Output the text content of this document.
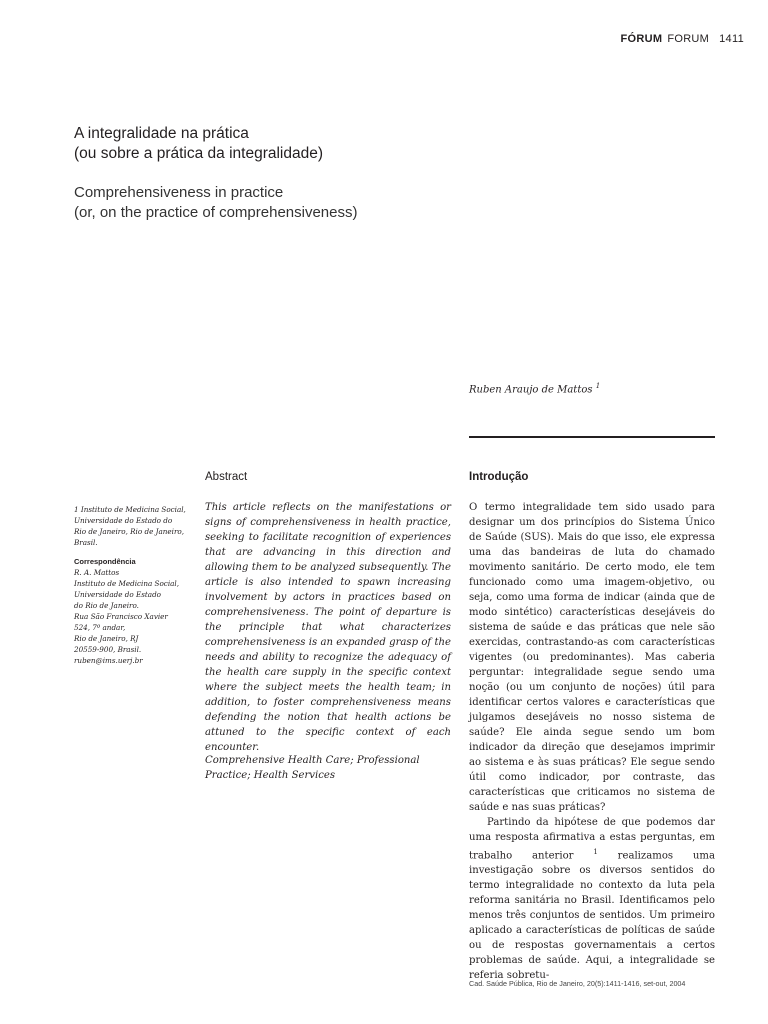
FÓRUM FORUM 1411
A integralidade na prática
(ou sobre a prática da integralidade)
Comprehensiveness in practice
(or, on the practice of comprehensiveness)
Ruben Araujo de Mattos $^1$
Abstract	Introdução

1 Instituto de Medicina Social, Universidade do Estado do Rio de Janeiro, Rio de Janeiro, Brasil.

Correspondência

R. A. Mattos

Instituto de Medicina Social,

Universidade do Estado

do Rio de Janeiro.

Rua São Francisco Xavier

524, 7º andar,

Rio de Janeiro, RJ

20559-900, Brasil.

ruben@ims.uerj.br

This article reflects on the manifestations or signs of comprehensiveness in health practice, seeking to facilitate recognition of experiences that are advancing in this direction and allowing them to be analyzed subsequently. The article is also intended to spawn increasing involvement by actors in practices based on comprehensiveness. The point of departure is the principle that what characterizes comprehensiveness is an expanded grasp of the needs and ability to recognize the adequacy of the health care supply in the specific context where the subject meets the health team; in addition, to foster comprehensiveness means defending the notion that health actions be attuned to the specific context of each encounter.

Comprehensive Health Care; Professional Practice; Health Services

O termo integralidade tem sido usado para designar um dos princípios do Sistema Único de Saúde (SUS). Mais do que isso, ele expressa uma das bandeiras de luta do chamado movimento sanitário. De certo modo, ele tem funcionado como uma imagem-objetivo, ou seja, como uma forma de indicar (ainda que de modo sintético) características desejáveis do sistema de saúde e das práticas que nele são exercidas, contrastando-as com características vigentes (ou predominantes). Mas caberia perguntar: integralidade segue sendo uma noção (ou um conjunto de noções) útil para identificar certos valores e características que julgamos desejáveis no nosso sistema de saúde? Ele ainda segue sendo um bom indicador da direção que desejamos imprimir ao sistema e às suas práticas? Ele segue sendo útil como indicador, por contraste, das características que criticamos no sistema de saúde e nas suas práticas?

Partindo da hipótese de que podemos dar uma resposta afirmativa a estas perguntas, em trabalho anterior	$^1$ realizamos uma investigação sobre os diversos sentidos do termo integralidade no contexto da luta pela reforma sanitária no Brasil. Identificamos pelo menos três conjuntos de sentidos. Um primeiro aplicado a características de políticas de saúde ou de respostas governamentais a certos problemas de saúde. Aqui, a integralidade se referia sobretu-

Cad. Saúde Pública, Rio de Janeiro, 20(5):1411-1416, set-out, 2004
